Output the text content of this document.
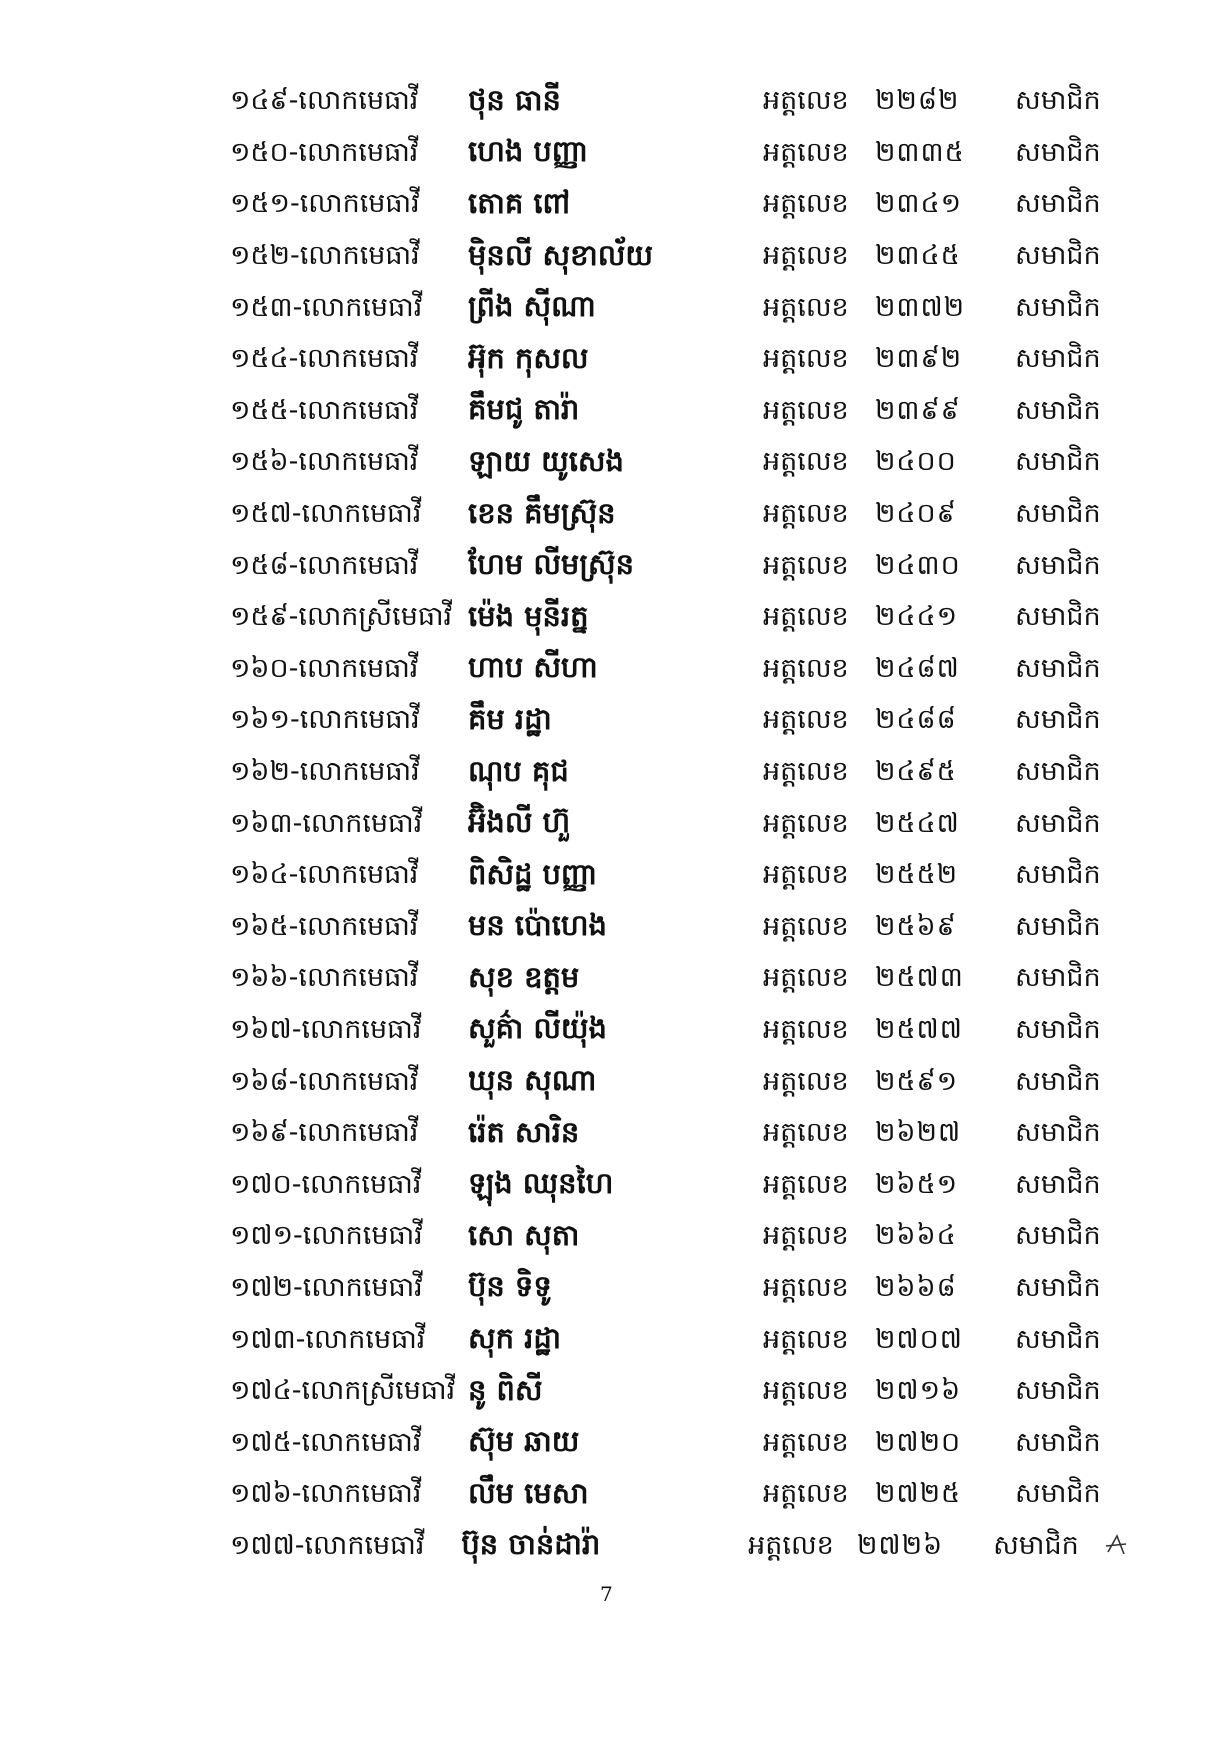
១៤៩-លោកមេធាវី	ថុន ធានី	អត្តលេខ ២២៨២	សមាជិក
១៥០-លោកមេធាវី	ហេង បញ្ញា	អត្តលេខ ២៣៣៥	សមាជិក
១៥១-លោកមេធាវី	តោគ ពៅ	អត្តលេខ ២៣៤១	សមាជិក
១៥២-លោកមេធាវី	ម៉ិនលី សុខាល័យ	អត្តលេខ ២៣៤៥	សមាជិក
១៥៣-លោកមេធាវី	ព្រីង ស៊ីណា	អត្តលេខ ២៣៧២	សមាជិក
១៥៤-លោកមេធាវី	អ៊ុក កុសល	អត្តលេខ ២៣៩២	សមាជិក
១៥៥-លោកមេធាវី	គឹមជូ តារ៉ា	អត្តលេខ ២៣៩៩	សមាជិក
១៥៦-លោកមេធាវី	ឡាយ យូសេង	អត្តលេខ ២៤០០	សមាជិក
១៥៧-លោកមេធាវី	ខេន គឹមស្រ៊ុន	អត្តលេខ ២៤០៩	សមាជិក
១៥៨-លោកមេធាវី	ហែម លីមស្រ៊ុន	អត្តលេខ ២៤៣០	សមាជិក
១៥៩-លោកស្រីមេធាវី ម៉េង មុនីរត្ន	អត្តលេខ ២៤៤១	សមាជិក
១៦០-លោកមេធាវី	ហាប សីហា	អត្តលេខ ២៤៨៧	សមាជិក
១៦១-លោកមេធាវី	គឹម រដ្ឋា	អត្តលេខ ២៤៨៨	សមាជិក
១៦២-លោកមេធាវី	ណុប គុជ	អត្តលេខ ២៤៩៥	សមាជិក
១៦៣-លោកមេធាវី	អ៊ិងលី ហ៊ួ	អត្តលេខ ២៥៤៧	សមាជិក
១៦៤-លោកមេធាវី	ពិសិដ្ឋ បញ្ញា	អត្តលេខ ២៥៥២	សមាជិក
១៦៥-លោកមេធាវី	មន ប៉ោហេង	អត្តលេខ ២៥៦៩	សមាជិក
១៦៦-លោកមេធាវី	សុខ ឧត្តម	អត្តលេខ ២៥៧៣	សមាជិក
១៦៧-លោកមេធាវី	សួគ៌ា លីយ៉ុង	អត្តលេខ ២៥៧៧	សមាជិក
១៦៨-លោកមេធាវី	ឃុន សុណា	អត្តលេខ ២៥៩១	សមាជិក
១៦៩-លោកមេធាវី	រ៉េត សារិន	អត្តលេខ ២៦២៧	សមាជិក
១៧០-លោកមេធាវី	ឡុង ឈុនហៃ	អត្តលេខ ២៦៥១	សមាជិក
១៧១-លោកមេធាវី	សោ សុតា	អត្តលេខ ២៦៦៤	សមាជិក
១៧២-លោកមេធាវី	ប៊ុន ទិទូ	អត្តលេខ ២៦៦៨	សមាជិក
១៧៣-លោកមេធាវី	សុក រដ្ឋា	អត្តលេខ ២៧០៧	សមាជិក
១៧៤-លោកស្រីមេធាវី នូ ពិសី	អត្តលេខ ២៧១៦	សមាជិក
១៧៥-លោកមេធាវី	ស៊ុម ឆាយ	អត្តលេខ ២៧២០	សមាជិក
១៧៦-លោកមេធាវី	លឹម មេសា	អត្តលេខ ២៧២៥	សមាជិក
១៧៧-លោកមេធាវី	ប៊ុន ចាន់ដារ៉ា	អត្តលេខ ២៧២៦	សមាជិក
7
